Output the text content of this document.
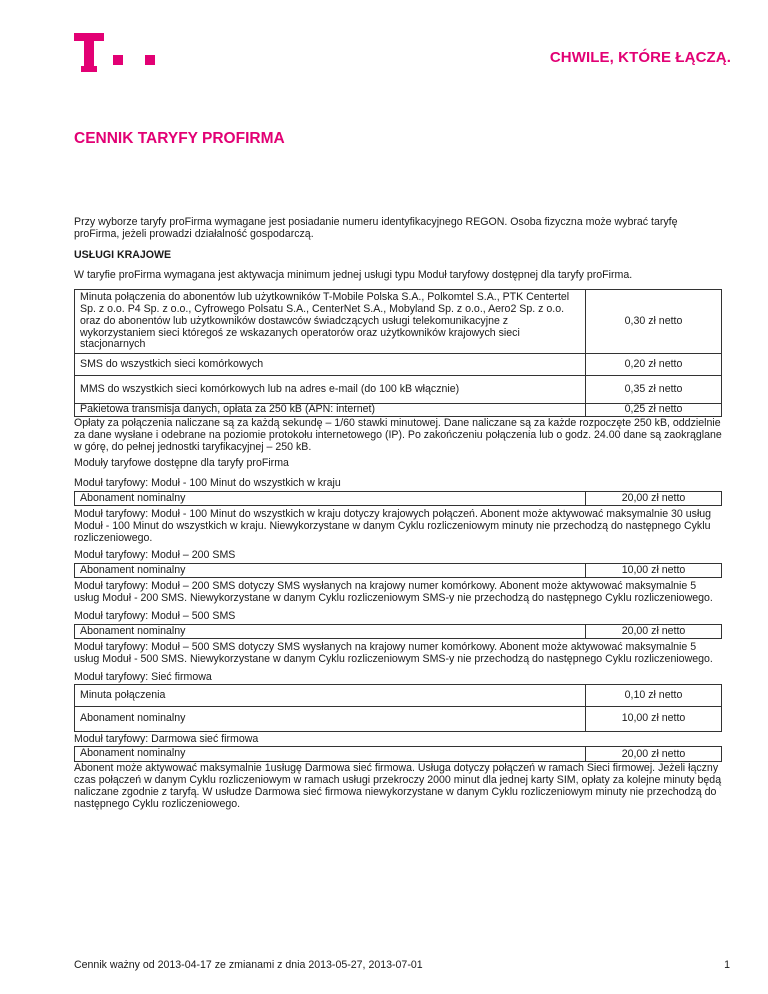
CHWILE, KTÓRE ŁĄCZĄ.
CENNIK TARYFY PROFIRMA
Przy wyborze taryfy proFirma wymagane jest posiadanie numeru identyfikacyjnego REGON. Osoba fizyczna może wybrać taryfę proFirma, jeżeli prowadzi działalność gospodarczą.
USŁUGI KRAJOWE
W taryfie proFirma wymagana jest aktywacja minimum jednej usługi typu Moduł taryfowy dostępnej dla taryfy proFirma.
Minuta połączenia do abonentów lub użytkowników T-Mobile Polska S.A., Polkomtel S.A., PTK Centertel Sp. z o.o. P4 Sp. z o.o., Cyfrowego Polsatu S.A., CenterNet S.A., Mobyland Sp. z o.o., Aero2 Sp. z o.o. oraz do abonentów lub użytkowników dostawców świadczących usługi telekomunikacyjne z wykorzystaniem sieci któregoś ze wskazanych operatorów oraz użytkowników krajowych sieci stacjonarnych	0,30 zł netto
SMS do wszystkich sieci komórkowych	0,20 zł netto
MMS do wszystkich sieci komórkowych lub na adres e-mail (do 100 kB włącznie)	0,35 zł netto
Pakietowa transmisja danych, opłata za 250 kB (APN: internet)	0,25 zł netto
Opłaty za połączenia naliczane są za każdą sekundę – 1/60 stawki minutowej. Dane naliczane są za każde rozpoczęte 250 kB, oddzielnie za dane wysłane i odebrane na poziomie protokołu internetowego (IP). Po zakończeniu połączenia lub o godz. 24.00 dane są zaokrąglane w górę, do pełnej jednostki taryfikacyjnej – 250 kB.
Moduły taryfowe dostępne dla taryfy proFirma
Moduł taryfowy: Moduł - 100 Minut do wszystkich w kraju
Abonament nominalny	20,00 zł netto
Moduł taryfowy: Moduł - 100 Minut do wszystkich w kraju dotyczy krajowych połączeń. Abonent może aktywować maksymalnie 30 usług Moduł - 100 Minut do wszystkich w kraju. Niewykorzystane w danym Cyklu rozliczeniowym minuty nie przechodzą do następnego Cyklu rozliczeniowego.
Moduł taryfowy: Moduł – 200 SMS
Abonament nominalny	10,00 zł netto
Moduł taryfowy: Moduł – 200 SMS dotyczy SMS wysłanych na krajowy numer komórkowy. Abonent może aktywować maksymalnie 5 usług Moduł - 200 SMS. Niewykorzystane w danym Cyklu rozliczeniowym SMS-y nie przechodzą do następnego Cyklu rozliczeniowego.
Moduł taryfowy: Moduł – 500 SMS
Abonament nominalny	20,00 zł netto
Moduł taryfowy: Moduł – 500 SMS dotyczy SMS wysłanych na krajowy numer komórkowy. Abonent może aktywować maksymalnie 5 usług Moduł - 500 SMS. Niewykorzystane w danym Cyklu rozliczeniowym SMS-y nie przechodzą do następnego Cyklu rozliczeniowego.
Moduł taryfowy: Sieć firmowa
Minuta połączenia	0,10 zł netto
Abonament nominalny	10,00 zł netto
Moduł taryfowy: Darmowa sieć firmowa
Abonament nominalny	20,00 zł netto
Abonent może aktywować maksymalnie 1usługę Darmowa sieć firmowa. Usługa dotyczy połączeń w ramach Sieci firmowej. Jeżeli łączny czas połączeń w danym Cyklu rozliczeniowym w ramach usługi przekroczy 2000 minut dla jednej karty SIM, opłaty za kolejne minuty będą naliczane zgodnie z taryfą. W usłudze Darmowa sieć firmowa niewykorzystane w danym Cyklu rozliczeniowym minuty nie przechodzą do następnego Cyklu rozliczeniowego.
Cennik ważny od 2013-04-17 ze zmianami z dnia 2013-05-27, 2013-07-01	1
